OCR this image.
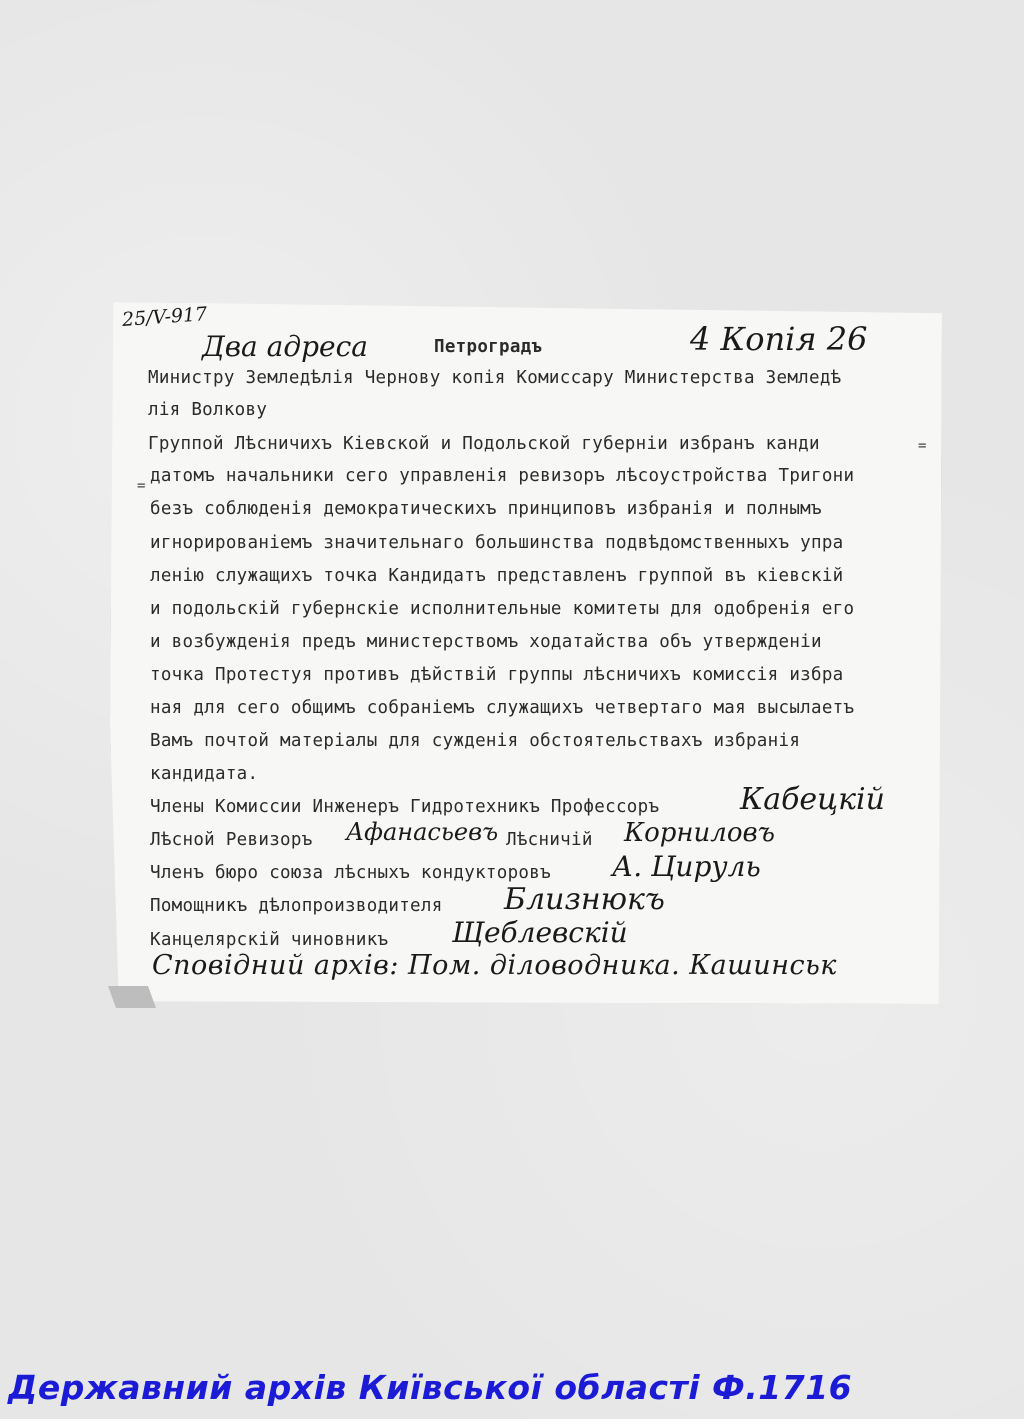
25/V-917
Два адреса	Петроградъ	4 Копія 26
Министру Земледѣлія Чернову копія Комиссару Министерства Земледѣ
лія Волкову
Группой Лѣсничихъ Кіевской и Подольской губерніи избранъ канди
датомъ начальники сего управленія ревизоръ лѣсоустройства Тригони
безъ соблюденія демократическихъ принциповъ избранія и полнымъ
игнорированіемъ значительнаго большинства подвѣдомственныхъ упра
ленію служащихъ точка Кандидатъ представленъ группой въ кіевскій
и подольскій губернскіе исполнительные комитеты для одобренія его
и возбужденія предъ министерствомъ ходатайства объ утвержденіи
точка Протестуя противъ дѣйствій группы лѣсничихъ комиссія избра
ная для сего общимъ собраніемъ служащихъ четвертаго мая высылаетъ
Вамъ почтой матеріалы для сужденія обстоятельствахъ избранія
кандидата.
=
=
Члены Комиссии Инженеръ Гидротехникъ Профессоръ	Кабецкій
Лѣсной Ревизоръ Афанасьевъ Лѣсничій Корниловъ
Членъ бюро союза лѣсныхъ кондукторовъ А. Цируль
Помощникъ дѣлопроизводителя Близнюкъ
Канцелярскій чиновникъ Щеблевскій
Сповідний архів: Пом. діловодника. Кашинськ
Державний архів Київської області Ф.1716
